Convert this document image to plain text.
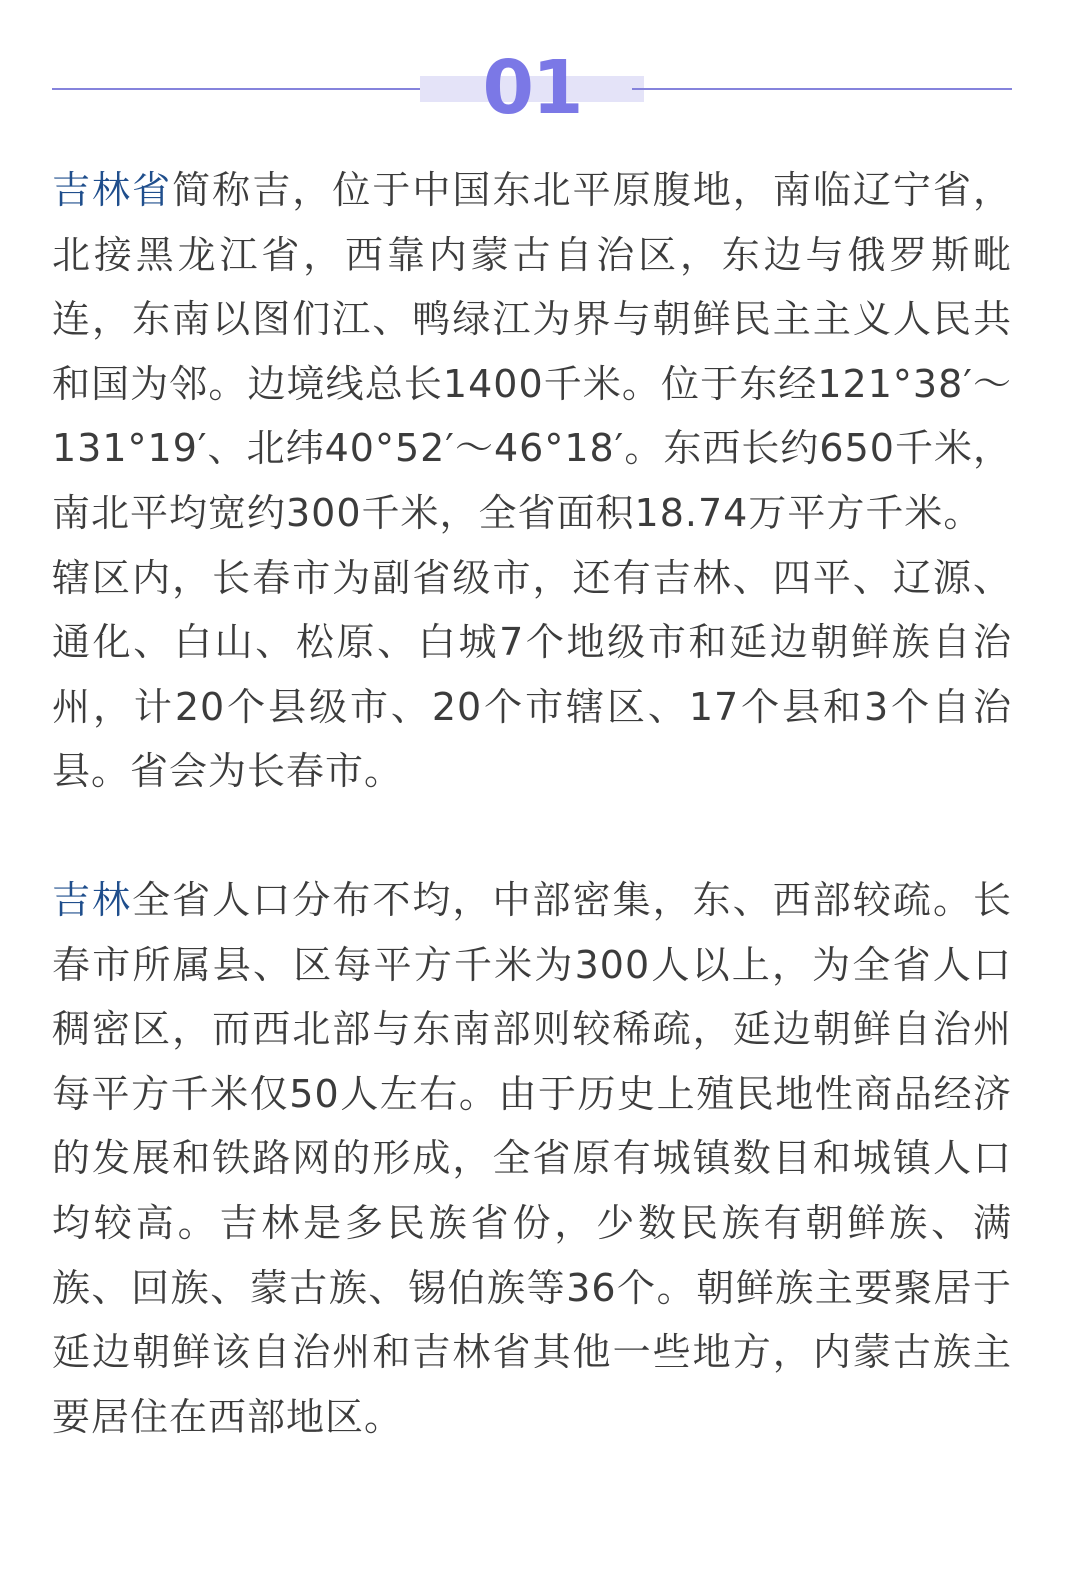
01

吉林省简称吉，位于中国东北平原腹地，南临辽宁省，北接黑龙江省，西靠内蒙古自治区，东边与俄罗斯毗连，东南以图们江、鸭绿江为界与朝鲜民主主义人民共和国为邻。边境线总长1400千米。位于东经121°38′～131°19′、北纬40°52′～46°18′。东西长约650千米，南北平均宽约300千米，全省面积18.74万平方千米。

辖区内，长春市为副省级市，还有吉林、四平、辽源、通化、白山、松原、白城7个地级市和延边朝鲜族自治州，计20个县级市、20个市辖区、17个县和3个自治县。省会为长春市。

吉林全省人口分布不均，中部密集，东、西部较疏。长春市所属县、区每平方千米为300人以上，为全省人口稠密区，而西北部与东南部则较稀疏，延边朝鲜自治州每平方千米仅50人左右。由于历史上殖民地性商品经济的发展和铁路网的形成，全省原有城镇数目和城镇人口均较高。吉林是多民族省份，少数民族有朝鲜族、满族、回族、蒙古族、锡伯族等36个。朝鲜族主要聚居于延边朝鲜该自治州和吉林省其他一些地方，内蒙古族主要居住在西部地区。
